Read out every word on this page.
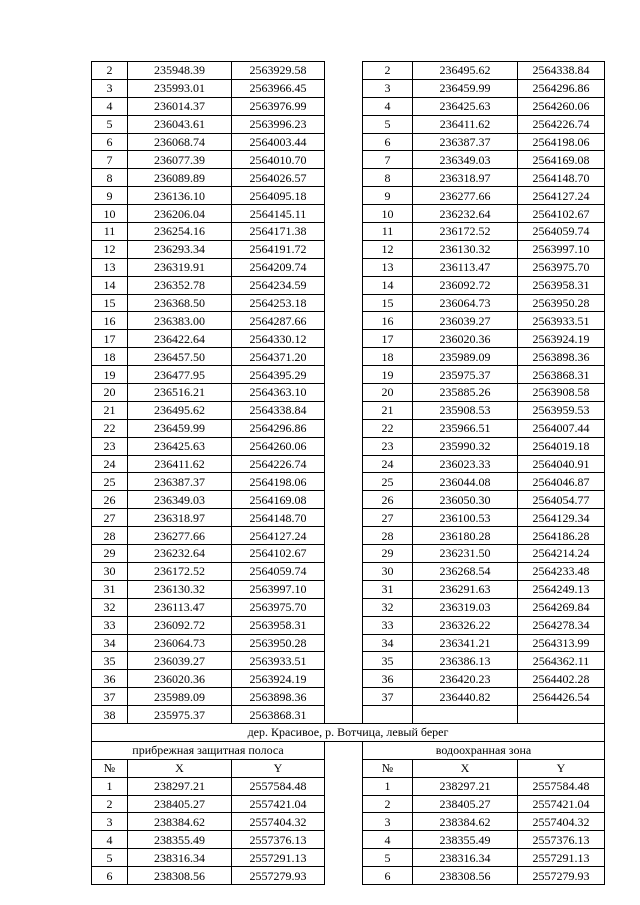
2	235948.39	2563929.58		2	236495.62	2564338.84
3	235993.01	2563966.45		3	236459.99	2564296.86
4	236014.37	2563976.99		4	236425.63	2564260.06
5	236043.61	2563996.23		5	236411.62	2564226.74
6	236068.74	2564003.44		6	236387.37	2564198.06
7	236077.39	2564010.70		7	236349.03	2564169.08
8	236089.89	2564026.57		8	236318.97	2564148.70
9	236136.10	2564095.18		9	236277.66	2564127.24
10	236206.04	2564145.11		10	236232.64	2564102.67
11	236254.16	2564171.38		11	236172.52	2564059.74
12	236293.34	2564191.72		12	236130.32	2563997.10
13	236319.91	2564209.74		13	236113.47	2563975.70
14	236352.78	2564234.59		14	236092.72	2563958.31
15	236368.50	2564253.18		15	236064.73	2563950.28
16	236383.00	2564287.66		16	236039.27	2563933.51
17	236422.64	2564330.12		17	236020.36	2563924.19
18	236457.50	2564371.20		18	235989.09	2563898.36
19	236477.95	2564395.29		19	235975.37	2563868.31
20	236516.21	2564363.10		20	235885.26	2563908.58
21	236495.62	2564338.84		21	235908.53	2563959.53
22	236459.99	2564296.86		22	235966.51	2564007.44
23	236425.63	2564260.06		23	235990.32	2564019.18
24	236411.62	2564226.74		24	236023.33	2564040.91
25	236387.37	2564198.06		25	236044.08	2564046.87
26	236349.03	2564169.08		26	236050.30	2564054.77
27	236318.97	2564148.70		27	236100.53	2564129.34
28	236277.66	2564127.24		28	236180.28	2564186.28
29	236232.64	2564102.67		29	236231.50	2564214.24
30	236172.52	2564059.74		30	236268.54	2564233.48
31	236130.32	2563997.10		31	236291.63	2564249.13
32	236113.47	2563975.70		32	236319.03	2564269.84
33	236092.72	2563958.31		33	236326.22	2564278.34
34	236064.73	2563950.28		34	236341.21	2564313.99
35	236039.27	2563933.51		35	236386.13	2564362.11
36	236020.36	2563924.19		36	236420.23	2564402.28
37	235989.09	2563898.36		37	236440.82	2564426.54
38	235975.37	2563868.31				
дер. Красивое, р. Вотчица, левый берег						
прибрежная защитная полоса				водоохранная зона		
№	X	Y		№	X	Y
1	238297.21	2557584.48		1	238297.21	2557584.48
2	238405.27	2557421.04		2	238405.27	2557421.04
3	238384.62	2557404.32		3	238384.62	2557404.32
4	238355.49	2557376.13		4	238355.49	2557376.13
5	238316.34	2557291.13		5	238316.34	2557291.13
6	238308.56	2557279.93		6	238308.56	2557279.93
